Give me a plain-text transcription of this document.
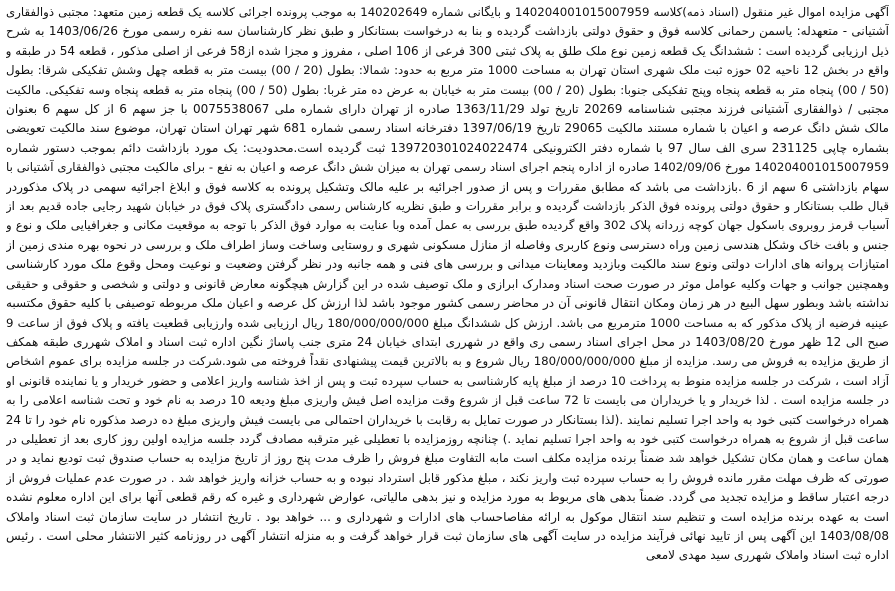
آگهی مزایده اموال غیر منقول (اسناد ذمه)کلاسه 140204001015007959 و بایگانی شماره 140202649 به موجب پرونده اجرائی کلاسه یک قطعه زمین متعهد: مجتبی ذوالفقاری
آشتیانی - متعهدله: یاسمن رحمانی کلاسه فوق و حقوق دولتی بازداشت گردیده و بنا به درخواست بستانکار و طبق نظر کارشناسان سه نفره رسمی مورخ 1403/06/26 به شرح
ذیل ارزیابی گردیده است : ششدانگ یک قطعه زمین نوع ملک طلق به پلاک ثبتی 300 فرعی از 106 اصلی ، مفروز و مجزا شده از58 فرعی از اصلی مذکور ، قطعه 54 در طبقه و
واقع در بخش 12 ناحیه 02 حوزه ثبت ملک شهری استان تهران به مساحت 1000 متر مربع به حدود: شمالا: بطول (20 / 00) بیست متر به قطعه چهل وشش تفکیکی شرقا: بطول
(50 / 00) پنجاه متر به قطعه پنجاه وپنج تفکیکی جنوبا: بطول (20 / 00) بیست متر به خیابان به عرض ده متر غربا: بطول (50 / 00) پنجاه متر به قطعه پنجاه وسه تفکیکی. مالکیت
مجتبی / ذوالفقاری آشتیانی فرزند مجتبی شناسنامه 20269 تاریخ تولد 1363/11/29 صادره از تهران دارای شماره ملی 0075538067 با جز سهم 6 از کل سهم 6 بعنوان
مالک شش دانگ عرصه و اعیان با شماره مستند مالکیت 29065 تاریخ 1397/06/19 دفترخانه اسناد رسمی شماره 681 شهر تهران استان تهران، موضوع سند مالکیت تعویضی
بشماره چاپی 231125 سری الف سال 97 با شماره دفتر الکترونیکی 139720301024022474 ثبت گردیده است.محدودیت: یک مورد بازداشت دائم بموجب دستور شماره
140204001015007959 مورخ 1402/09/06 صادره از اداره پنجم اجرای اسناد رسمی تهران به میزان شش دانگ عرصه و اعیان به نفع - برای مالکیت مجتبی ذوالفقاری آشتیانی با
سهام بازداشتی 6 سهم از 6 .بازداشت می باشد که مطابق مقررات و پس از صدور اجرائیه بر علیه مالک وتشکیل پرونده به کلاسه فوق و ابلاغ اجرائیه سهمی در پلاک مذکوردر
قبال طلب بستانکار و حقوق دولتی پرونده فوق الذکر بازداشت گردیده و برابر مقررات و طبق نظریه کارشناس رسمی دادگستری پلاک فوق در خیابان شهید رجایی جاده قدیم بعد از
آسیاب قرمز روبروی باسکول جهان کوچه زردانه پلاک 302 واقع گردیده طبق بررسی به عمل آمده وبا عنایت به موارد فوق الذکر با توجه به موقعیت مکانی و جغرافیایی ملک و نوع و
جنس و بافت خاک وشکل هندسی زمین وراه دسترسی ونوع کاربری وفاصله از منازل مسکونی شهری و روستایی وساخت وساز اطراف ملک و بررسی در نحوه بهره مندی زمین از
امتیازات پروانه های ادارات دولتی ونوع سند مالکیت وبازدید ومعاینات میدانی و بررسی های فنی و همه جانبه ودر نظر گرفتن وضعیت و نوعیت ومحل وقوع ملک مورد کارشناسی
وهمچنین جوانب و جهات وکلیه عوامل موثر در صورت صحت اسناد ومدارک ابرازی و ملک توصیف شده در این گزارش هیچگونه معارض قانونی و دولتی و شخصی و حقوقی و حقیقی
نداشته باشد وبطور سهل البیع در هر زمان ومکان انتقال قانونی آن در محاضر رسمی کشور موجود باشد لذا ارزش کل عرصه و اعیان ملک مربوطه توصیفی با کلیه حقوق مکتسبه
عینیه فرضیه از پلاک مذکور که به مساحت 1000 مترمربع می باشد. ارزش کل ششدانگ مبلغ 180/000/000/000 ریال ارزیابی شده وارزیابی قطعیت یافته و پلاک فوق از ساعت 9
صبح الی 12 ظهر مورخ 1403/08/20 در محل اجرای اسناد رسمی ری واقع در شهرری ابتدای خیابان 24 متری جنب پاساژ نگین اداره ثبت اسناد و املاک شهرری طبقه همکف
از طریق مزایده به فروش می رسد. مزایده از مبلغ 180/000/000/000 ریال شروع و به بالاترین قیمت پیشنهادی نقداً فروخته می شود.شرکت در جلسه مزایده برای عموم اشخاص
آزاد است ، شرکت در جلسه مزایده منوط به پرداخت 10 درصد از مبلغ پایه کارشناسی به حساب سپرده ثبت و پس از اخذ شناسه واریز اعلامی و حضور خریدار و یا نماینده قانونی او
در جلسه مزایده است . لذا خریدار و یا خریداران می بایست تا 72 ساعت قبل از شروع وقت مزایده اصل فیش واریزی مبلغ ودیعه 10 درصد به نام خود و تحت شناسه اعلامی را به
همراه درخواست کتبی خود به واحد اجرا تسلیم نمایند .(لذا بستانکار در صورت تمایل به رقابت با خریداران احتمالی می بایست فیش واریزی مبلغ ده درصد مذکوره نام خود را تا 24
ساعت قبل از شروع به همراه درخواست کتبی خود به واحد اجرا تسلیم نماید .) چنانچه روزمزایده با تعطیلی غیر مترقبه مصادف گردد جلسه مزایده اولین روز کاری بعد از تعطیلی در
همان ساعت و همان مکان تشکیل خواهد شد ضمناً برنده مزایده مکلف است مابه التفاوت مبلغ فروش را ظرف مدت پنج روز از تاریخ مزایده به حساب صندوق ثبت تودیع نماید و در
صورتی که ظرف مهلت مقرر مانده فروش را به حساب سپرده ثبت واریز نکند ، مبلغ مذکور قابل استرداد نبوده و به حساب خزانه واریز خواهد شد . در صورت عدم عملیات فروش از
درجه اعتبار ساقط و مزایده تجدید می گردد. ضمناً بدهی های مربوط به مورد مزایده و نیز بدهی مالیاتی، عوارض شهرداری و غیره که رقم قطعی آنها برای این اداره معلوم نشده
است به عهده برنده مزایده است و تنظیم سند انتقال موکول به ارائه مفاصاحساب های ادارات و شهرداری و ... خواهد بود . تاریخ انتشار در سایت سازمان ثبت اسناد واملاک
1403/08/08 این آگهی پس از تایید نهائی فرآیند مزایده در سایت آگهی های سازمان ثبت قرار خواهد گرفت و به منزله انتشار آگهی در روزنامه کثیر الانتشار محلی است . رئیس
اداره ثبت اسناد واملاک شهرری سید مهدی لامعی
